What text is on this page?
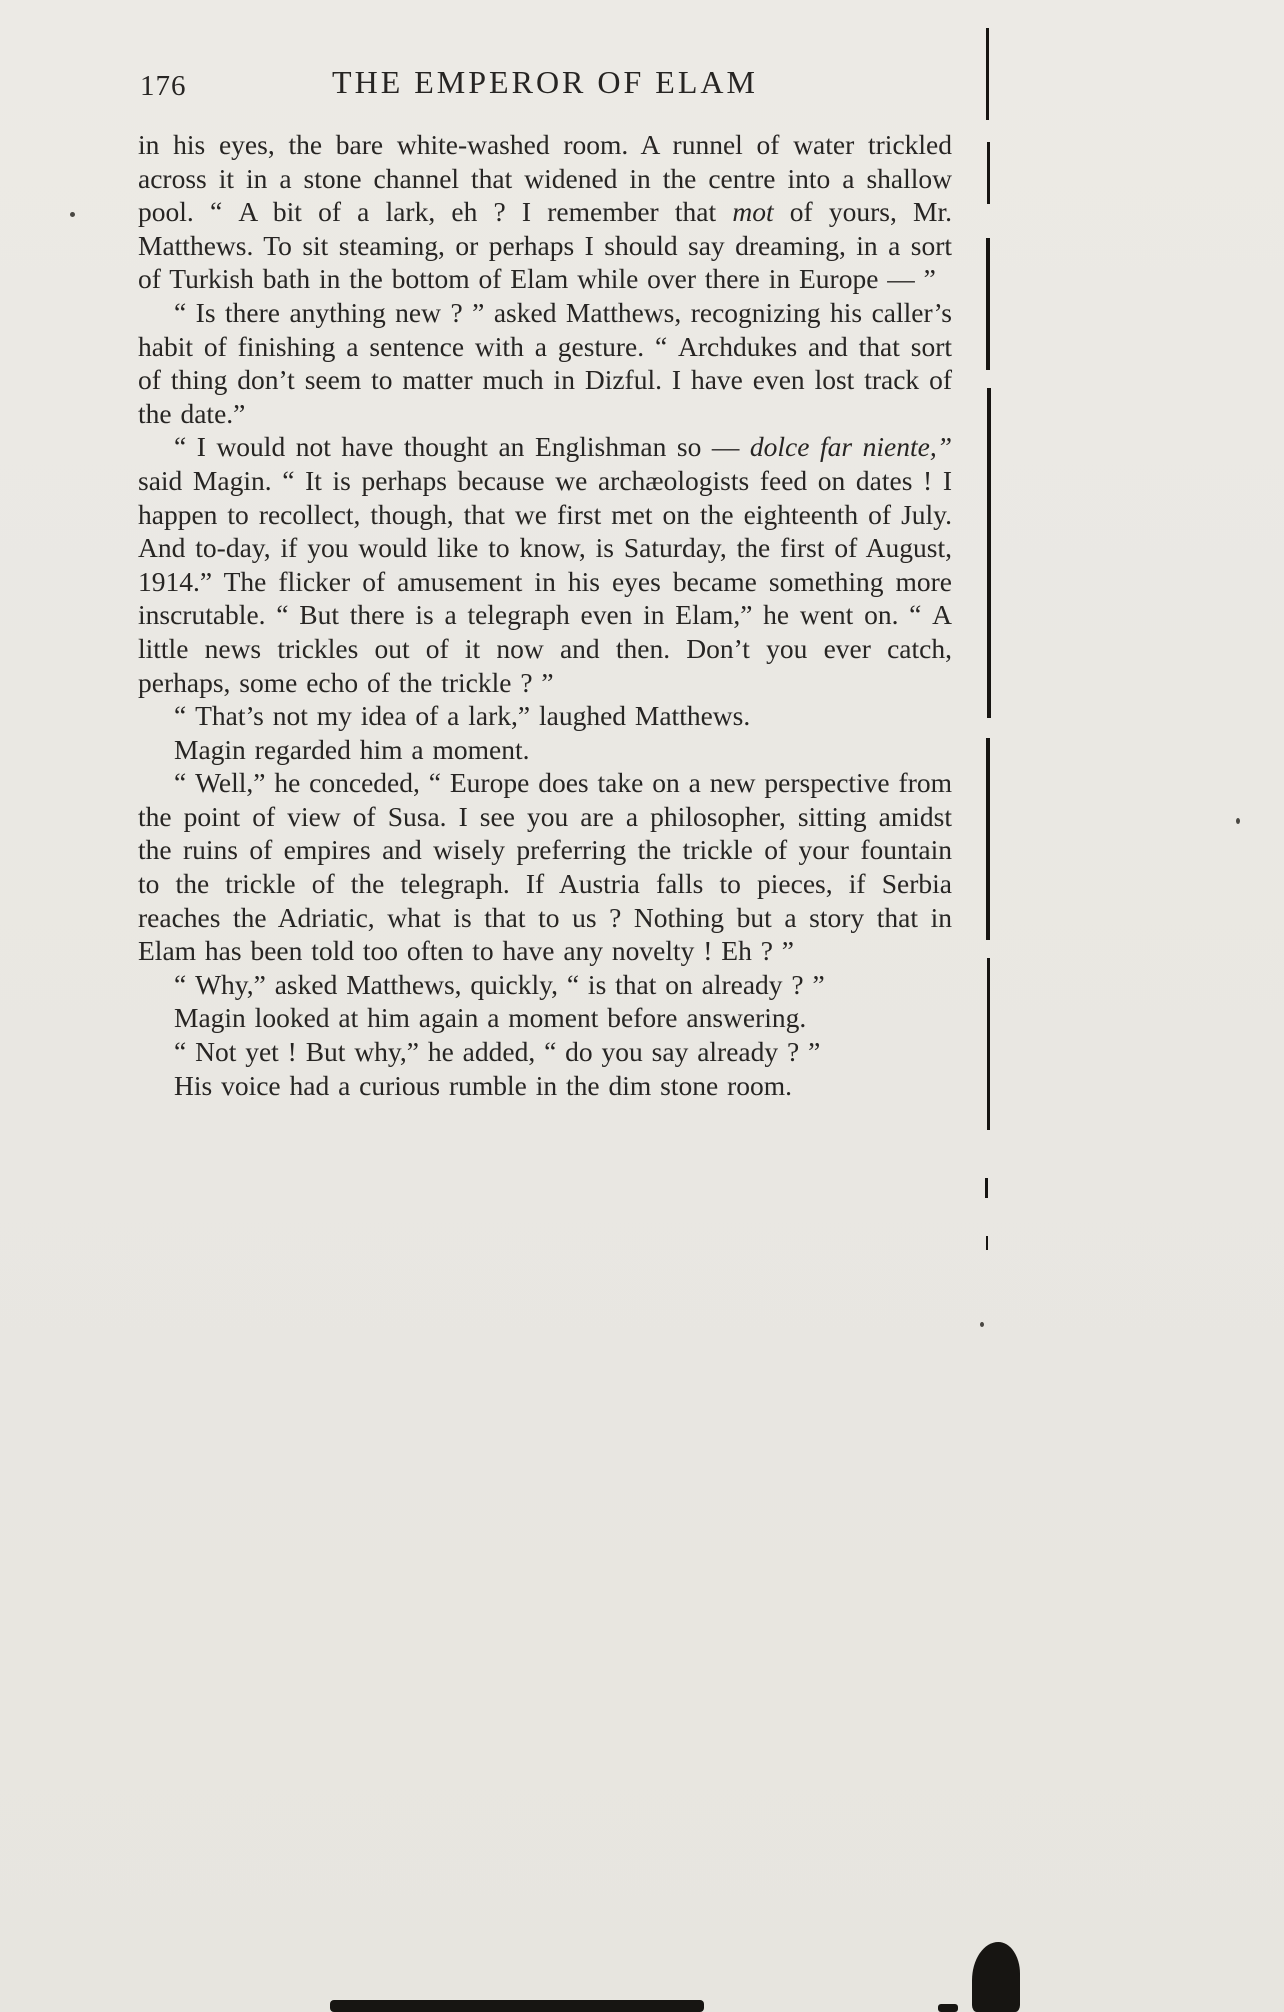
176	THE EMPEROR OF ELAM

in his eyes, the bare white-washed room. A runnel of water trickled across it in a stone channel that widened in the centre into a shallow pool. “ A bit of a lark, eh ? I remember that mot of yours, Mr. Matthews. To sit steaming, or perhaps I should say dreaming, in a sort of Turkish bath in the bottom of Elam while over there in Europe — ”

“ Is there anything new ? ” asked Matthews, recognizing his caller’s habit of finishing a sentence with a gesture. “ Archdukes and that sort of thing don’t seem to matter much in Dizful. I have even lost track of the date.”

“ I would not have thought an Englishman so — dolce far niente,” said Magin. “ It is perhaps because we archæologists feed on dates ! I happen to recollect, though, that we first met on the eighteenth of July. And to-day, if you would like to know, is Saturday, the first of August, 1914.” The flicker of amusement in his eyes became something more inscrutable. “ But there is a telegraph even in Elam,” he went on. “ A little news trickles out of it now and then. Don’t you ever catch, perhaps, some echo of the trickle ? ”

“ That’s not my idea of a lark,” laughed Matthews.

Magin regarded him a moment.

“ Well,” he conceded, “ Europe does take on a new perspective from the point of view of Susa. I see you are a philosopher, sitting amidst the ruins of empires and wisely preferring the trickle of your fountain to the trickle of the telegraph. If Austria falls to pieces, if Serbia reaches the Adriatic, what is that to us ? Nothing but a story that in Elam has been told too often to have any novelty ! Eh ? ”

“ Why,” asked Matthews, quickly, “ is that on already ? ”

Magin looked at him again a moment before answering.

“ Not yet ! But why,” he added, “ do you say already ? ”

His voice had a curious rumble in the dim stone room.
